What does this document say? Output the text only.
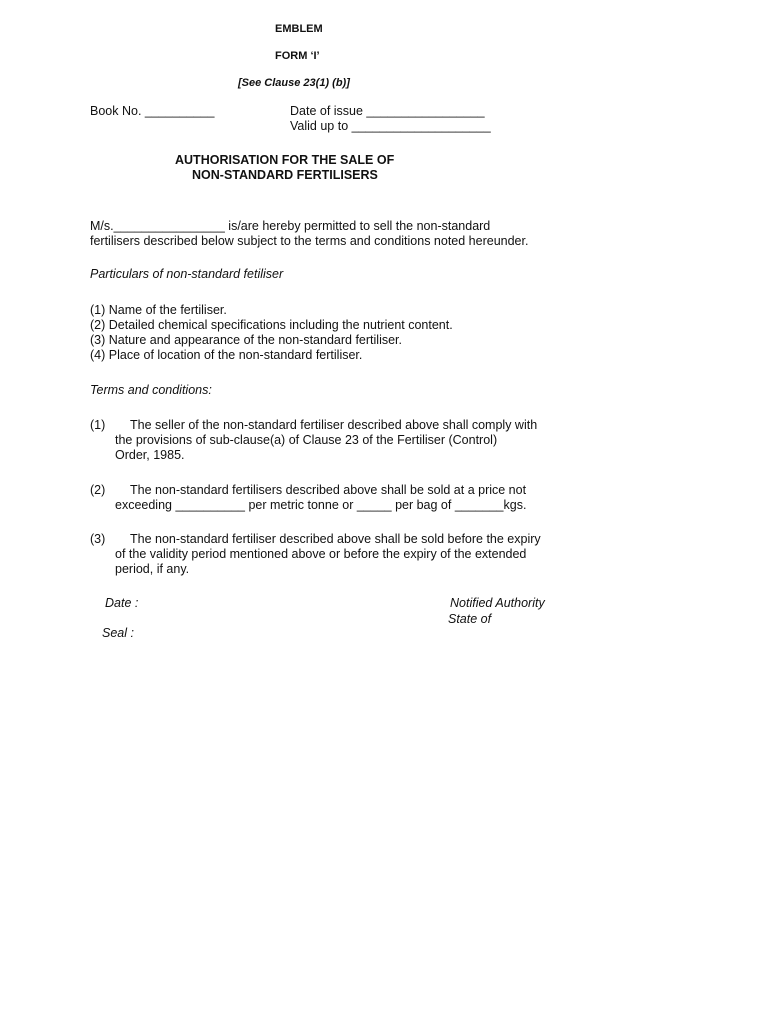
EMBLEM
FORM ‘I’
[See Clause 23(1) (b)]
Book No. __________	Date of issue _________________
Valid up to ____________________
AUTHORISATION FOR THE SALE OF
NON-STANDARD FERTILISERS
M/s.________________ is/are hereby permitted to sell the non-standard
fertilisers described below subject to the terms and conditions noted hereunder.
Particulars of non-standard fetiliser
(1) Name of the fertiliser.
(2) Detailed chemical specifications including the nutrient content.
(3) Nature and appearance of the non-standard fertiliser.
(4) Place of location of the non-standard fertiliser.
Terms and conditions:
(1) The seller of the non-standard fertiliser described above shall comply with
the provisions of sub-clause(a) of Clause 23 of the Fertiliser (Control)
Order, 1985.
(2) The non-standard fertilisers described above shall be sold at a price not
exceeding __________ per metric tonne or _____ per bag of _______kgs.
(3) The non-standard fertiliser described above shall be sold before the expiry
of the validity period mentioned above or before the expiry of the extended
period, if any.
Date :
Seal :
Notified Authority
State of
